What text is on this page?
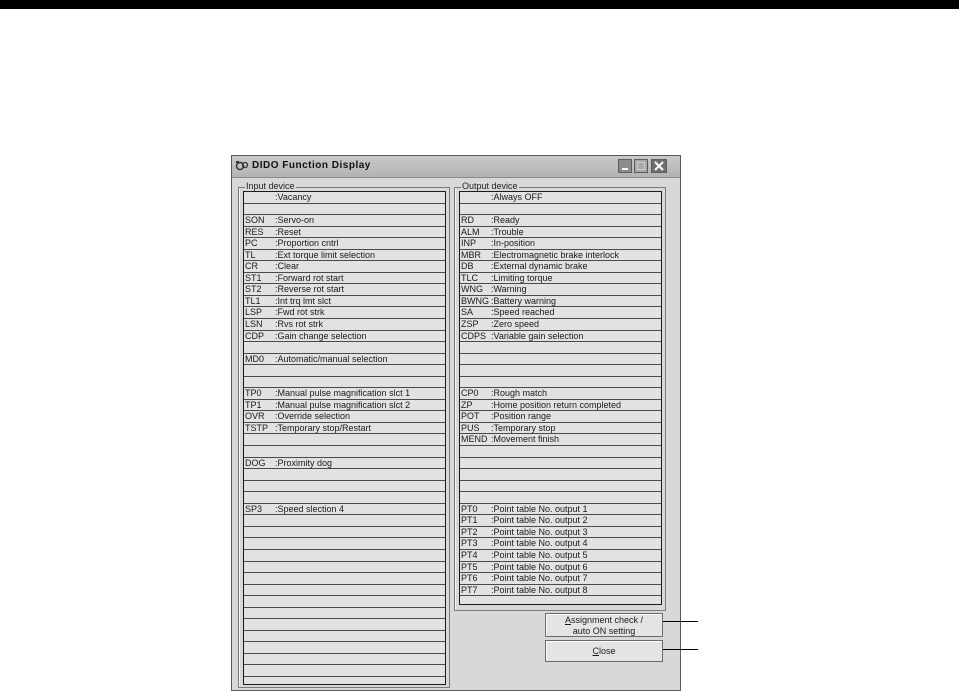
DIDO Function Display
Input device
:Vacancy
SON	:Servo-on
RES	:Reset
PC	:Proportion cntrl
TL	:Ext torque limit selection
CR	:Clear
ST1	:Forward rot start
ST2	:Reverse rot start
TL1	:Int trq lmt slct
LSP	:Fwd rot strk
LSN	:Rvs rot strk
CDP	:Gain change selection
MD0	:Automatic/manual selection
TP0	:Manual pulse magnification slct 1
TP1	:Manual pulse magnification slct 2
OVR	:Override selection
TSTP :Temporary stop/Restart
DOG	:Proximity dog
SP3	:Speed slection 4
Output device
:Always OFF
RD	:Ready
ALM	:Trouble
INP	:In-position
MBR	:Electromagnetic brake interlock
DB	:External dynamic brake
TLC	:Limiting torque
WNG :Warning
BWNG :Battery warning
SA	:Speed reached
ZSP	:Zero speed
CDPS :Variable gain selection
CP0	:Rough match
ZP	:Home position return completed
POT	:Position range
PUS	:Temporary stop
MEND :Movement finish
PT0	:Point table No. output 1
PT1	:Point table No. output 2
PT2	:Point table No. output 3
PT3	:Point table No. output 4
PT4	:Point table No. output 5
PT5	:Point table No. output 6
PT6	:Point table No. output 7
PT7	:Point table No. output 8
Assignment check /
auto ON setting
Close
